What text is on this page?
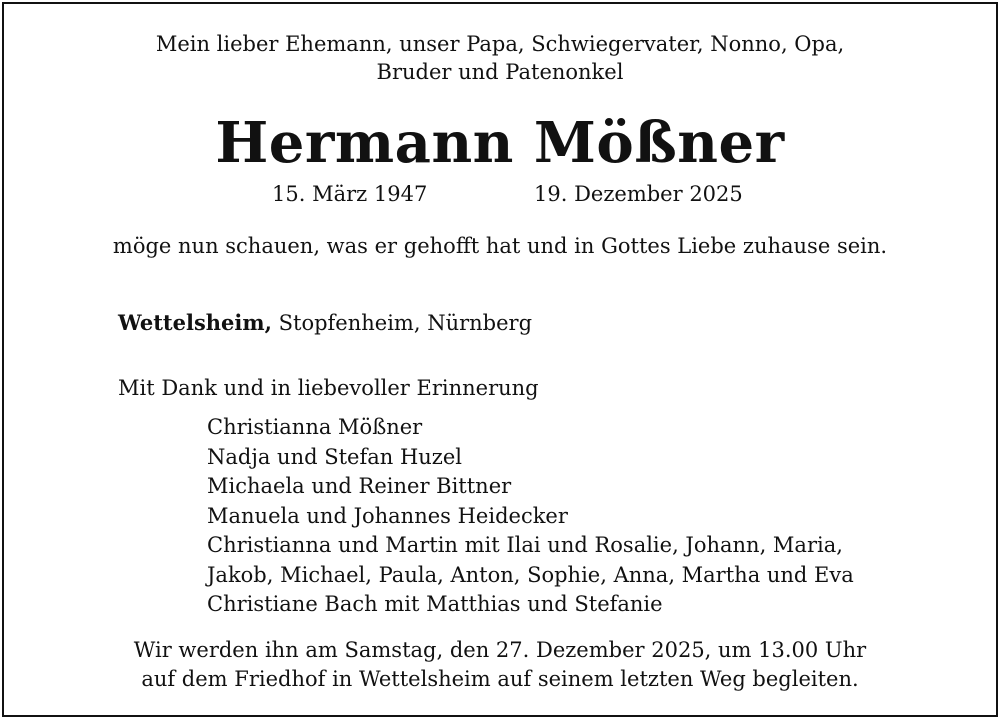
Mein lieber Ehemann, unser Papa, Schwiegervater, Nonno, Opa,
Bruder und Patenonkel
Hermann Mößner
15. März 1947	19. Dezember 2025
möge nun schauen, was er gehofft hat und in Gottes Liebe zuhause sein.
Wettelsheim, Stopfenheim, Nürnberg
Mit Dank und in liebevoller Erinnerung
Christianna Mößner
Nadja und Stefan Huzel
Michaela und Reiner Bittner
Manuela und Johannes Heidecker
Christianna und Martin mit Ilai und Rosalie, Johann, Maria,
Jakob, Michael, Paula, Anton, Sophie, Anna, Martha und Eva
Christiane Bach mit Matthias und Stefanie
Wir werden ihn am Samstag, den 27. Dezember 2025, um 13.00 Uhr
auf dem Friedhof in Wettelsheim auf seinem letzten Weg begleiten.
